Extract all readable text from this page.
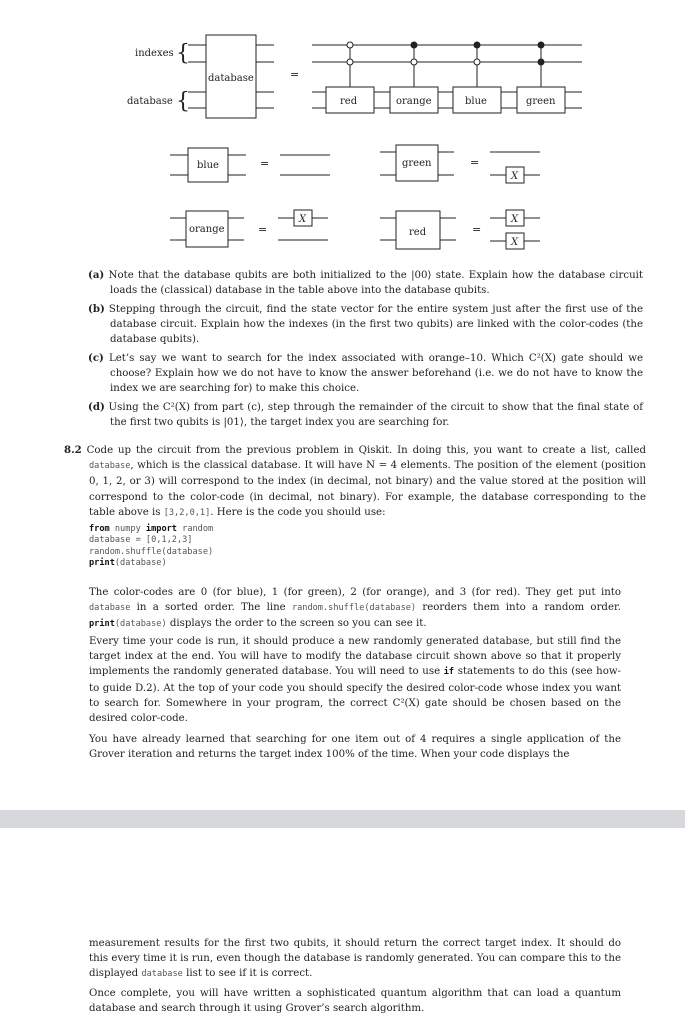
indexes
database
{
{
database	=
red	orange	blue	green
blue	=	green	=
X
orange	=
X
red	=
X
X
(a) Note that the database qubits are both initialized to the |00⟩ state. Explain how the database circuit loads the (classical) database in the table above into the database qubits.
(b) Stepping through the circuit, find the state vector for the entire system just after the first use of the database circuit. Explain how the indexes (in the first two qubits) are linked with the color-codes (the database qubits).
(c) Let’s say we want to search for the index associated with orange–10. Which C²(X) gate should we choose? Explain how we do not have to know the answer beforehand (i.e. we do not have to know the index we are searching for) to make this choice.
(d) Using the C²(X) from part (c), step through the remainder of the circuit to show that the final state of the first two qubits is |01⟩, the target index you are searching for.
8.2 Code up the circuit from the previous problem in Qiskit. In doing this, you want to create a list, called database, which is the classical database. It will have N = 4 elements. The position of the element (position 0, 1, 2, or 3) will correspond to the index (in decimal, not binary) and the value stored at the position will correspond to the color-code (in decimal, not binary). For example, the database corresponding to the table above is [3,2,0,1]. Here is the code you should use:
from numpy import random
database = [0,1,2,3]
random.shuffle(database)
print(database)
The color-codes are 0 (for blue), 1 (for green), 2 (for orange), and 3 (for red). They get put into database in a sorted order. The line random.shuffle(database) reorders them into a random order. print(database) displays the order to the screen so you can see it.
Every time your code is run, it should produce a new randomly generated database, but still find the target index at the end. You will have to modify the database circuit shown above so that it properly implements the randomly generated database. You will need to use if statements to do this (see how-to guide D.2). At the top of your code you should specify the desired color-code whose index you want to search for. Somewhere in your program, the correct C²(X) gate should be chosen based on the desired color-code.
You have already learned that searching for one item out of 4 requires a single application of the Grover iteration and returns the target index 100% of the time. When your code displays the
measurement results for the first two qubits, it should return the correct target index. It should do this every time it is run, even though the database is randomly generated. You can compare this to the displayed database list to see if it is correct.
Once complete, you will have written a sophisticated quantum algorithm that can load a quantum database and search through it using Grover’s search algorithm.
